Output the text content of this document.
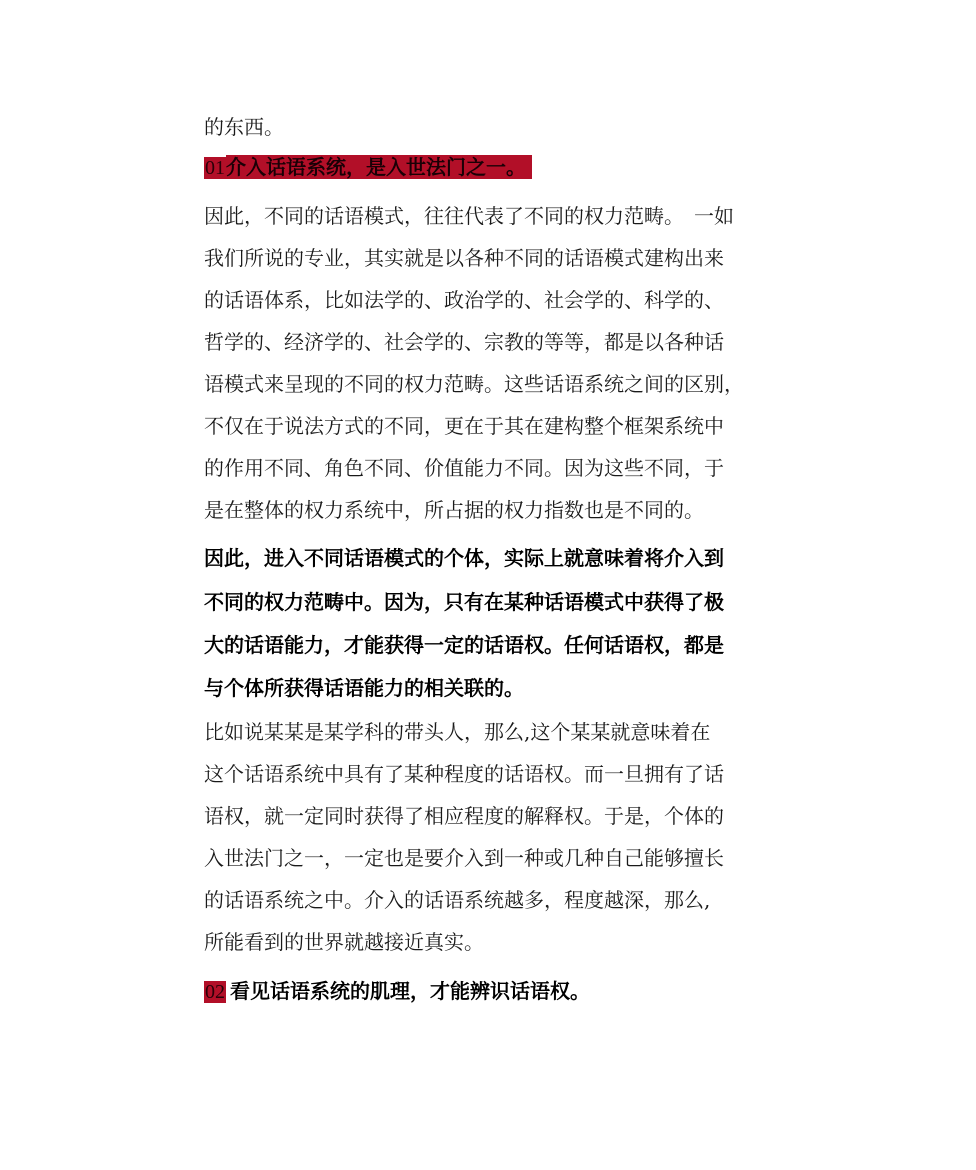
的东西。
01介入话语系统，是入世法门之一。
因此，不同的话语模式，往往代表了不同的权力范畴。　一如
我们所说的专业，其实就是以各种不同的话语模式建构出来
的话语体系，比如法学的、政治学的、社会学的、科学的、
哲学的、经济学的、社会学的、宗教的等等，都是以各种话
语模式来呈现的不同的权力范畴。这些话语系统之间的区别，
不仅在于说法方式的不同，更在于其在建构整个框架系统中
的作用不同、角色不同、价值能力不同。因为这些不同，于
是在整体的权力系统中，所占据的权力指数也是不同的。
因此，进入不同话语模式的个体，实际上就意味着将介入到
不同的权力范畴中。因为，只有在某种话语模式中获得了极
大的话语能力，才能获得一定的话语权。任何话语权，都是
与个体所获得话语能力的相关联的。
比如说某某是某学科的带头人，那么,这个某某就意味着在
这个话语系统中具有了某种程度的话语权。而一旦拥有了话
语权，就一定同时获得了相应程度的解释权。于是，个体的
入世法门之一，一定也是要介入到一种或几种自己能够擅长
的话语系统之中。介入的话语系统越多，程度越深，那么,
所能看到的世界就越接近真实。
02 看见话语系统的肌理，才能辨识话语权。
